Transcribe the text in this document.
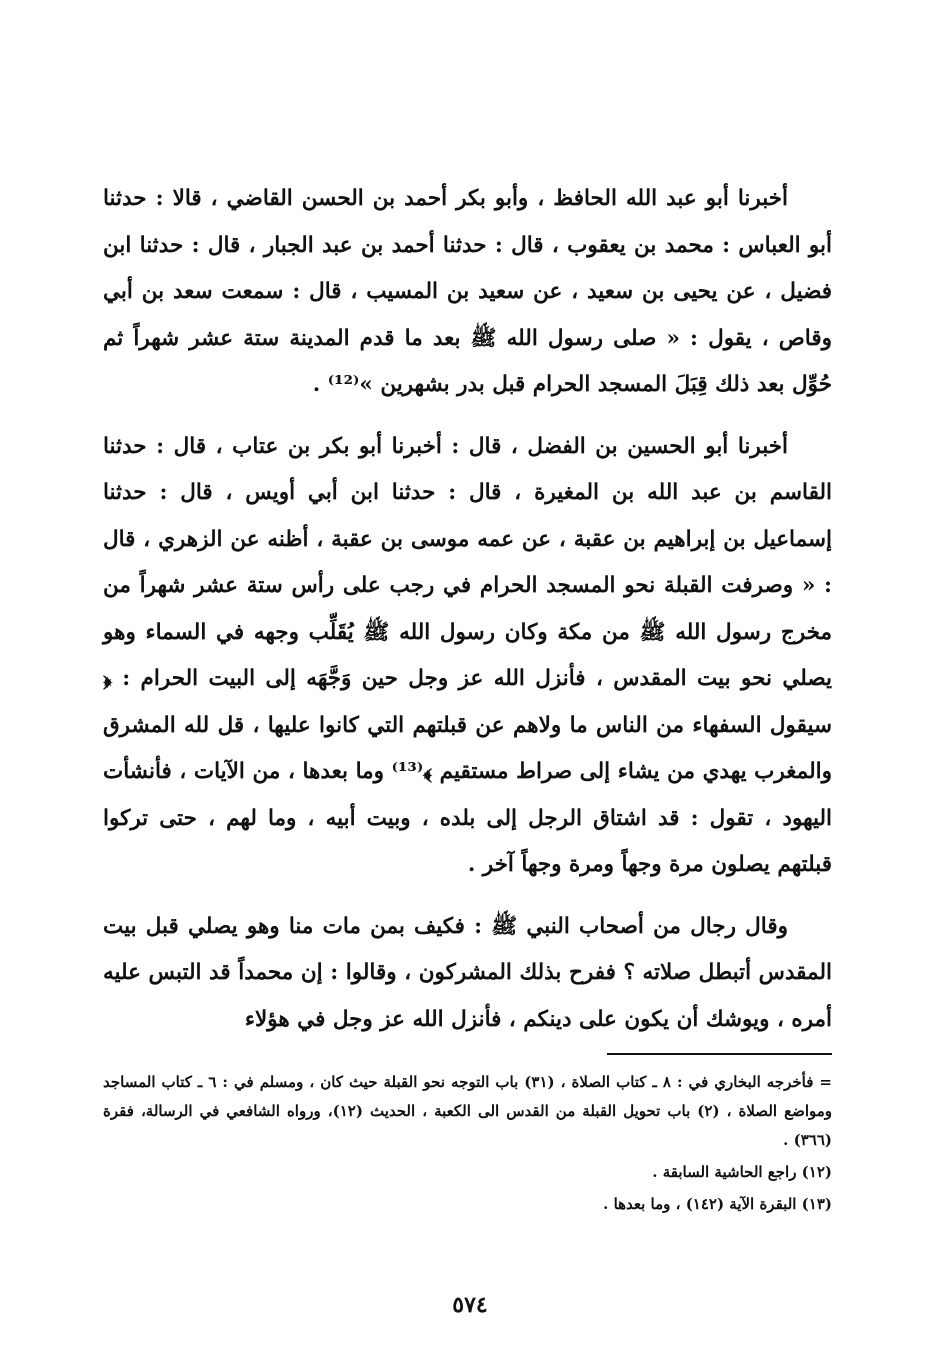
أخبرنا أبو عبد الله الحافظ ، وأبو بكر أحمد بن الحسن القاضي ، قالا : حدثنا أبو العباس : محمد بن يعقوب ، قال : حدثنا أحمد بن عبد الجبار ، قال : حدثنا ابن فضيل ، عن يحيى بن سعيد ، عن سعيد بن المسيب ، قال : سمعت سعد بن أبي وقاص ، يقول : « صلى رسول الله ﷺ بعد ما قدم المدينة ستة عشر شهراً ثم حُوِّل بعد ذلك قِبَلَ المسجد الحرام قبل بدر بشهرين »⁽¹²⁾ .

أخبرنا أبو الحسين بن الفضل ، قال : أخبرنا أبو بكر بن عتاب ، قال : حدثنا القاسم بن عبد الله بن المغيرة ، قال : حدثنا ابن أبي أويس ، قال : حدثنا إسماعيل بن إبراهيم بن عقبة ، عن عمه موسى بن عقبة ، أظنه عن الزهري ، قال : « وصرفت القبلة نحو المسجد الحرام في رجب على رأس ستة عشر شهراً من مخرج رسول الله ﷺ من مكة وكان رسول الله ﷺ يُقَلِّب وجهه في السماء وهو يصلي نحو بيت المقدس ، فأنزل الله عز وجل حين وَجَّهَه إلى البيت الحرام : ﴿ سيقول السفهاء من الناس ما ولاهم عن قبلتهم التي كانوا عليها ، قل لله المشرق والمغرب يهدي من يشاء إلى صراط مستقيم ﴾⁽¹³⁾ وما بعدها ، من الآيات ، فأنشأت اليهود ، تقول : قد اشتاق الرجل إلى بلده ، وبيت أبيه ، وما لهم ، حتى تركوا قبلتهم يصلون مرة وجهاً ومرة وجهاً آخر .

وقال رجال من أصحاب النبي ﷺ : فكيف بمن مات منا وهو يصلي قبل بيت المقدس أتبطل صلاته ؟ ففرح بذلك المشركون ، وقالوا : إن محمداً قد التبس عليه أمره ، ويوشك أن يكون على دينكم ، فأنزل الله عز وجل في هؤلاء

= فأخرجه البخاري في : ٨ ـ كتاب الصلاة ، (٣١) باب التوجه نحو القبلة حيث كان ، ومسلم في : ٦ ـ كتاب المساجد ومواضع الصلاة ، (٢) باب تحويل القبلة من القدس الى الكعبة ، الحديث (١٢)، ورواه الشافعي في الرسالة، فقرة (٣٦٦) .

(١٢) راجع الحاشية السابقة .

(١٣) البقرة الآية (١٤٢) ، وما بعدها .

٥٧٤
